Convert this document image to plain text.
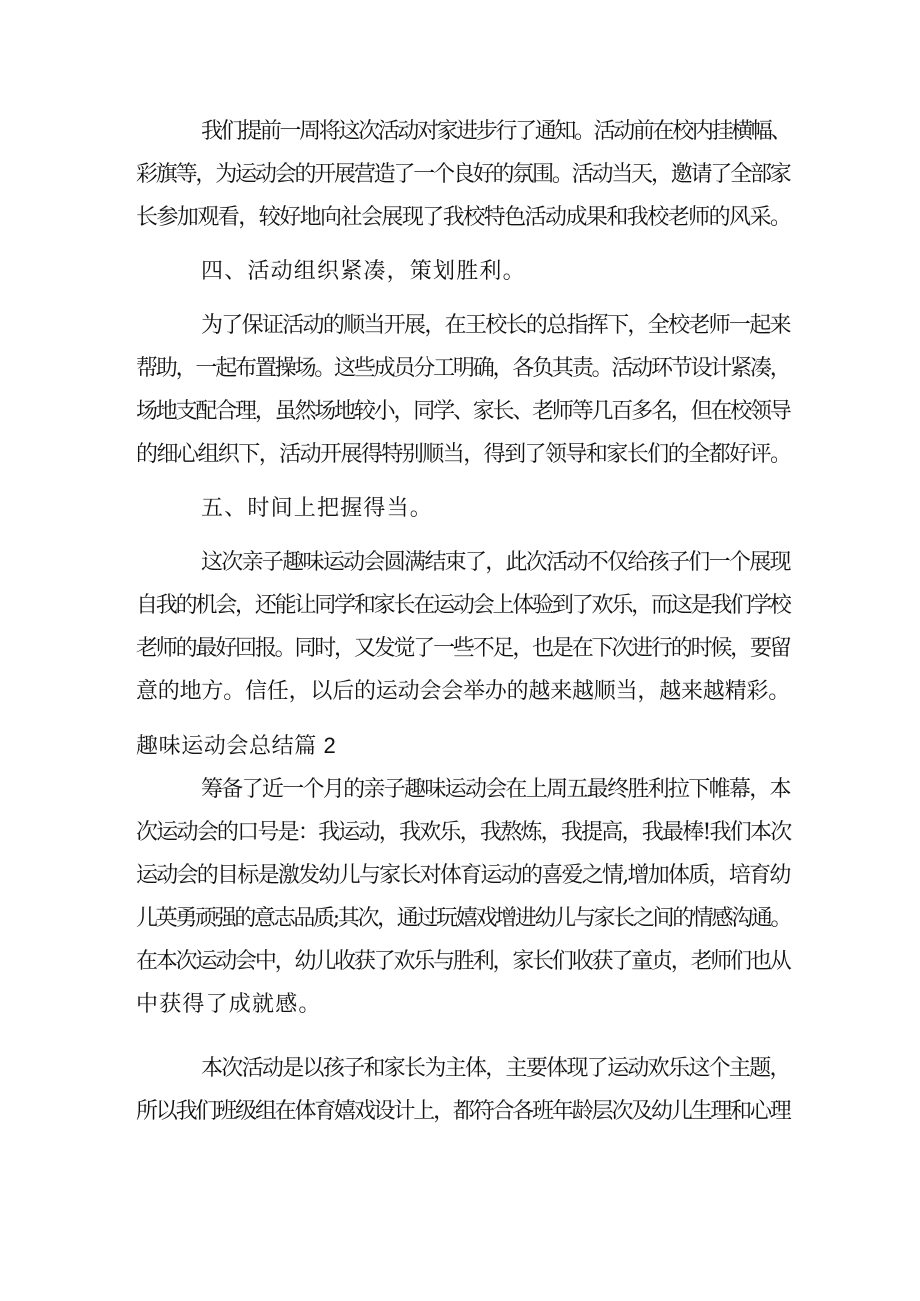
我们提前一周将这次活动对家进步行了通知。活动前在校内挂横幅、
彩旗等，为运动会的开展营造了一个良好的氛围。活动当天，邀请了全部家
长参加观看，较好地向社会展现了我校特色活动成果和我校老师的风采。
四、活动组织紧凑，策划胜利。
为了保证活动的顺当开展，在王校长的总指挥下，全校老师一起来
帮助，一起布置操场。这些成员分工明确，各负其责。活动环节设计紧凑，
场地支配合理，虽然场地较小，同学、家长、老师等几百多名，但在校领导
的细心组织下，活动开展得特别顺当，得到了领导和家长们的全都好评。
五、时间上把握得当。
这次亲子趣味运动会圆满结束了，此次活动不仅给孩子们一个展现
自我的机会，还能让同学和家长在运动会上体验到了欢乐，而这是我们学校
老师的最好回报。同时，又发觉了一些不足，也是在下次进行的时候，要留
意的地方。信任，以后的运动会会举办的越来越顺当，越来越精彩。
趣味运动会总结篇 2
筹备了近一个月的亲子趣味运动会在上周五最终胜利拉下帷幕，本
次运动会的口号是：我运动，我欢乐，我熬炼，我提高，我最棒!我们本次
运动会的目标是激发幼儿与家长对体育运动的喜爱之情,增加体质，培育幼
儿英勇顽强的意志品质;其次，通过玩嬉戏增进幼儿与家长之间的情感沟通。
在本次运动会中，幼儿收获了欢乐与胜利，家长们收获了童贞，老师们也从
中获得了成就感。
本次活动是以孩子和家长为主体，主要体现了运动欢乐这个主题，
所以我们班级组在体育嬉戏设计上，都符合各班年龄层次及幼儿生理和心理
